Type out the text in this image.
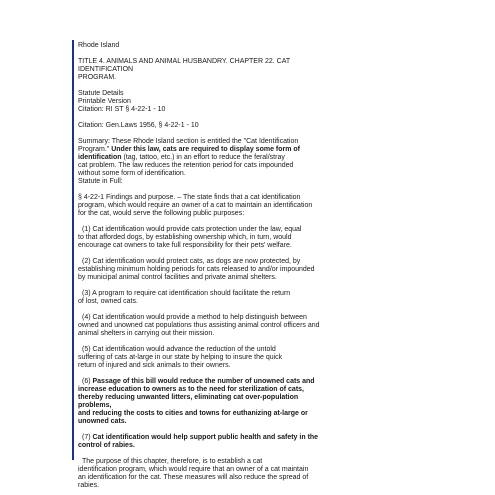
Rhode Island

TITLE 4. ANIMALS AND ANIMAL HUSBANDRY. CHAPTER 22. CAT

IDENTIFICATION

PROGRAM.

Statute Details

Printable Version

Citation: RI ST § 4-22-1 - 10

Citation: Gen.Laws 1956, § 4-22-1 - 10

Summary: These Rhode Island section is entitled the "Cat Identification

Program." Under this law, cats are required to display some form of

identification (tag, tattoo, etc.) in an effort to reduce the feral/stray

cat problem. The law reduces the retention period for cats impounded

without some form of identification.

Statute in Full:

§ 4-22-1 Findings and purpose. – The state finds that a cat identification

program, which would require an owner of a cat to maintain an identification

for the cat, would serve the following public purposes:

(1) Cat identification would provide cats protection under the law, equal

to that afforded dogs, by establishing ownership which, in turn, would

encourage cat owners to take full responsibility for their pets' welfare.

(2) Cat identification would protect cats, as dogs are now protected, by

establishing minimum holding periods for cats released to and/or impounded

by municipal animal control facilities and private animal shelters.

(3) A program to require cat identification should facilitate the return

of lost, owned cats.

(4) Cat identification would provide a method to help distinguish between

owned and unowned cat populations thus assisting animal control officers and

animal shelters in carrying out their mission.

(5) Cat identification would advance the reduction of the untold

suffering of cats at-large in our state by helping to insure the quick

return of injured and sick animals to their owners.

(6) Passage of this bill would reduce the number of unowned cats and

increase education to owners as to the need for sterilization of cats,

thereby reducing unwanted litters, eliminating cat over-population

problems,

and reducing the costs to cities and towns for euthanizing at-large or

unowned cats.

(7) Cat identification would help support public health and safety in the

control of rabies.

The purpose of this chapter, therefore, is to establish a cat

identification program, which would require that an owner of a cat maintain

an identification for the cat. These measures will also reduce the spread of

rabies.
